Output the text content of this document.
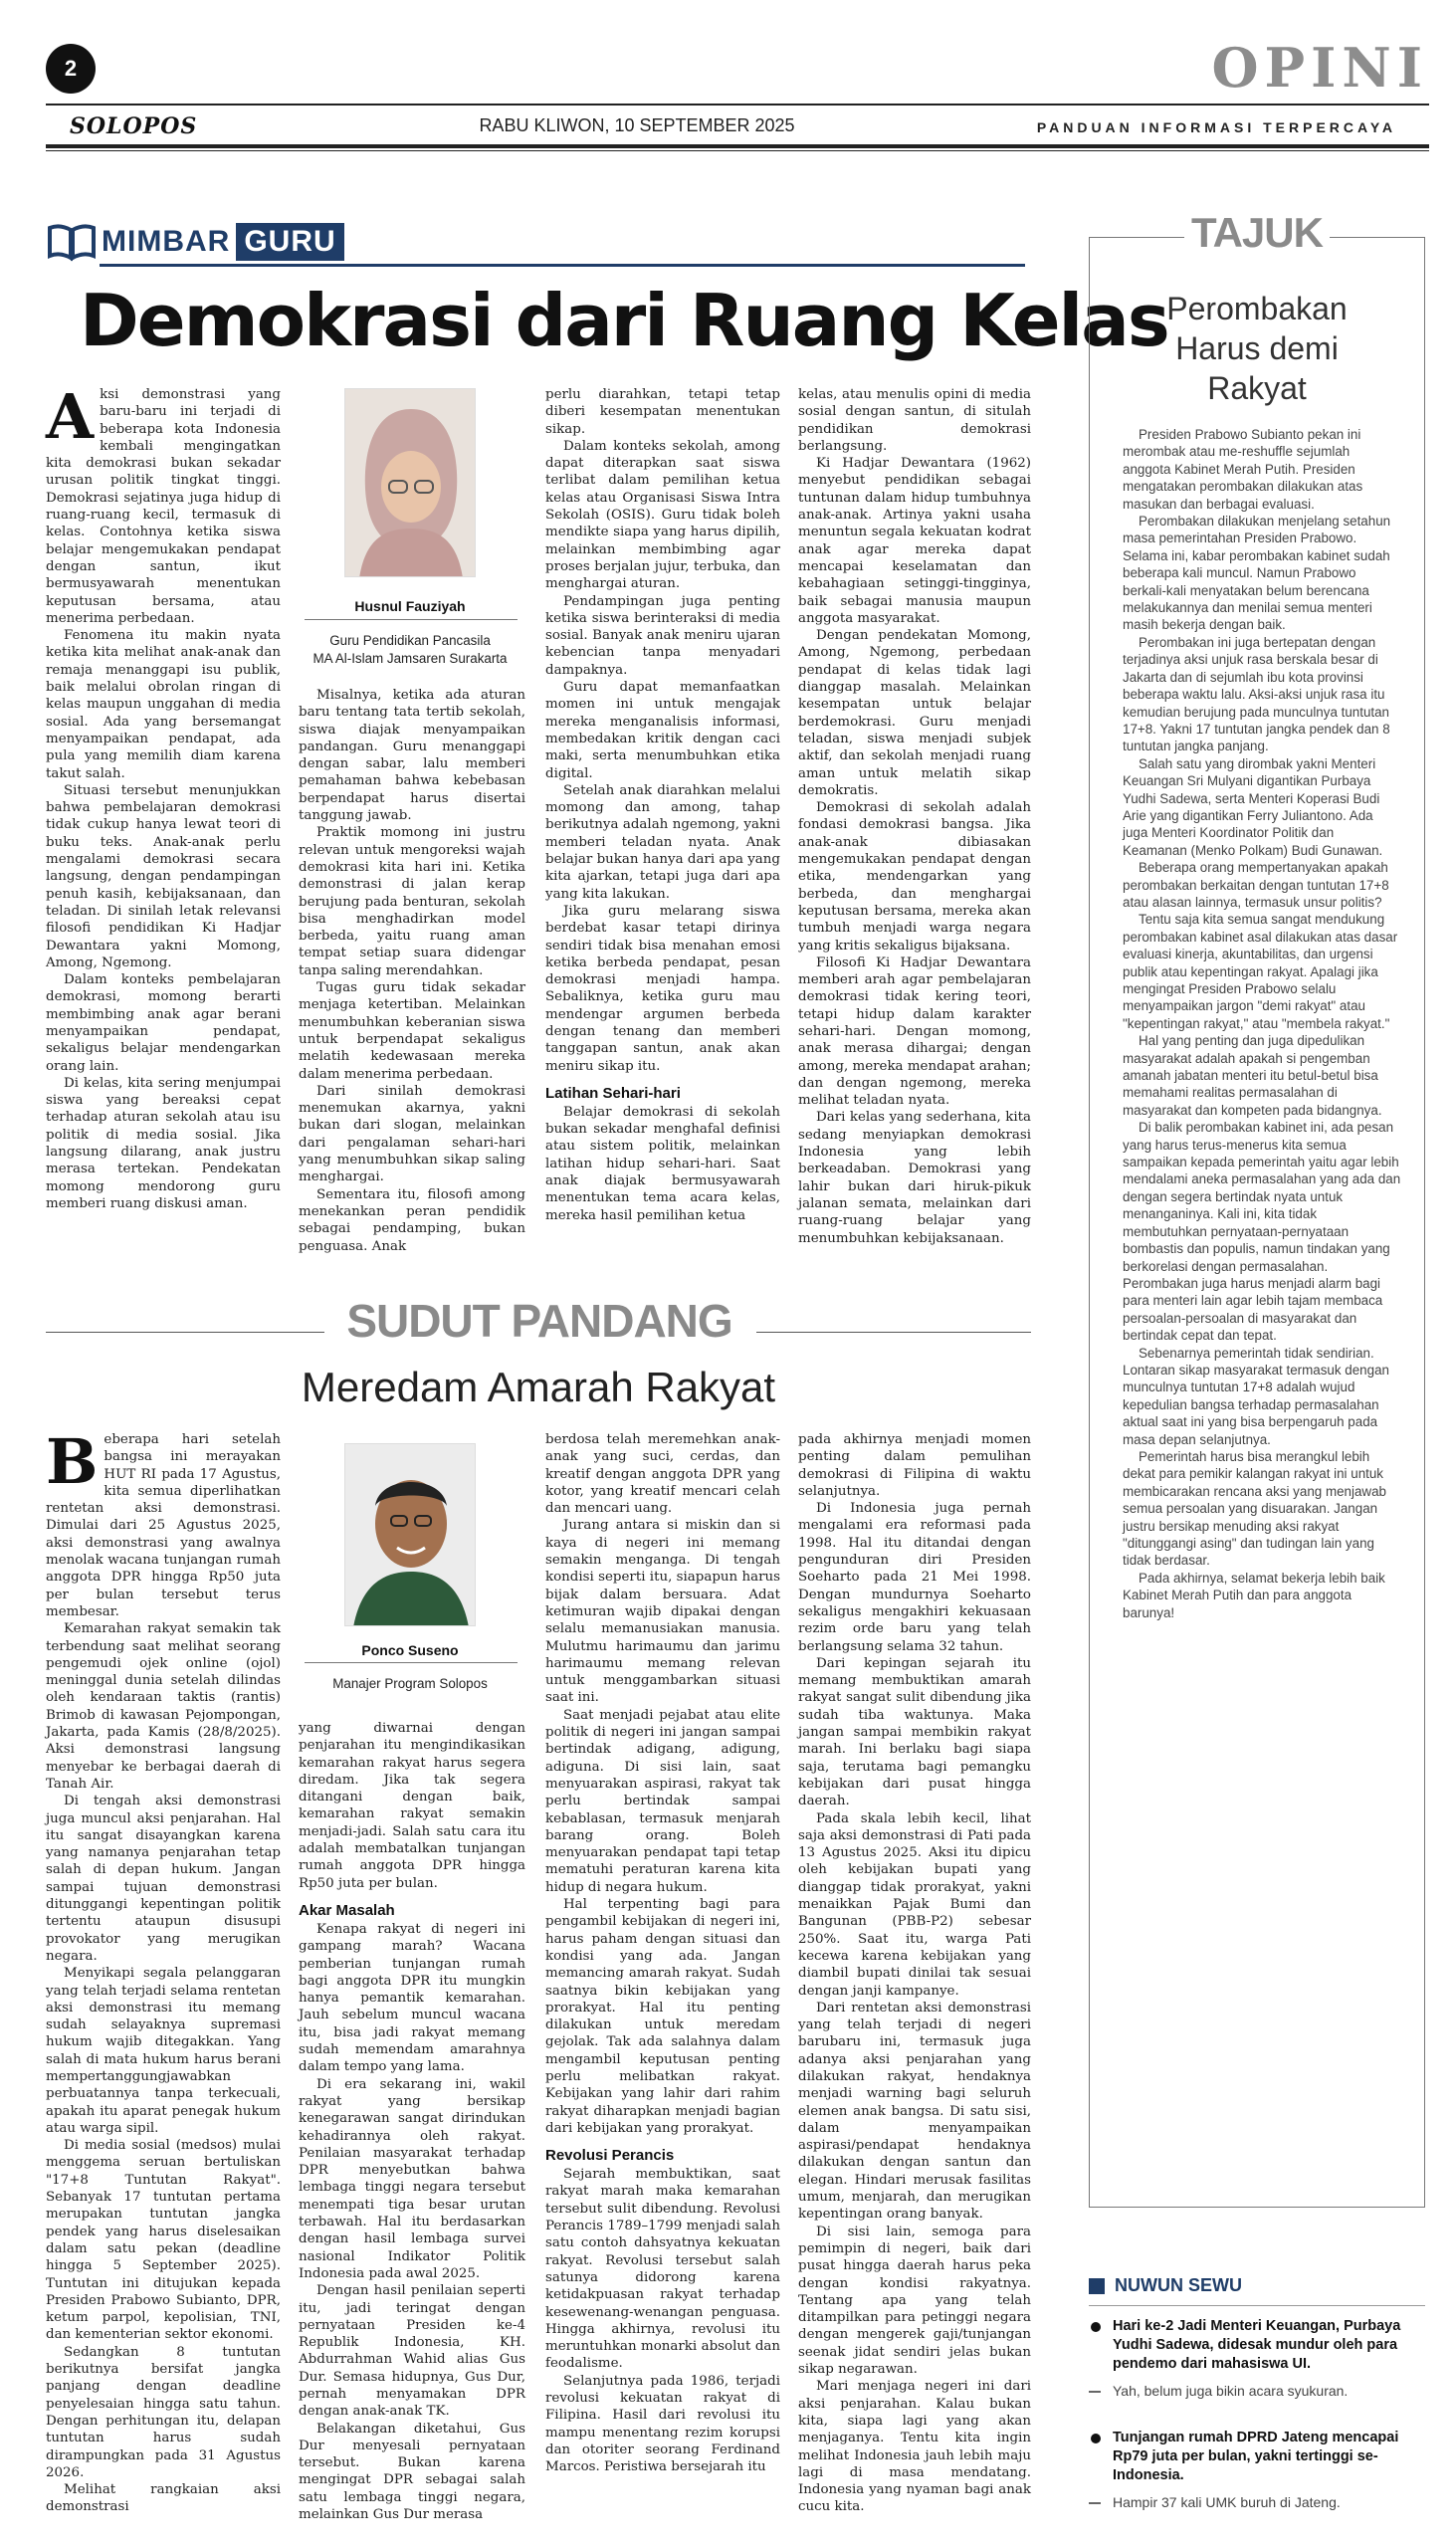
2	OPINI
SOLOPOS	RABU KLIWON, 10 SEPTEMBER 2025	PANDUAN INFORMASI TERPERCAYA
MIMBAR GURU
Demokrasi dari Ruang Kelas
A ksi demonstrasi yang baru-baru ini terjadi di beberapa kota Indonesia kembali mengingatkan kita demokrasi bukan sekadar urusan politik tingkat tinggi. Demokrasi sejatinya juga hidup di ruang-ruang kecil, termasuk di kelas. Contohnya ketika siswa belajar mengemukakan pendapat dengan santun, ikut bermusyawarah menentukan keputusan bersama, atau menerima perbedaan.

Fenomena itu makin nyata ketika kita melihat anak-anak dan remaja menanggapi isu publik, baik melalui obrolan ringan di kelas maupun unggahan di media sosial. Ada yang bersemangat menyampaikan pendapat, ada pula yang memilih diam karena takut salah.

Situasi tersebut menunjukkan bahwa pembelajaran demokrasi tidak cukup hanya lewat teori di buku teks. Anak-anak perlu mengalami demokrasi secara langsung, dengan pendampingan penuh kasih, kebijaksanaan, dan teladan. Di sinilah letak relevansi filosofi pendidikan Ki Hadjar Dewantara yakni Momong, Among, Ngemong.

Dalam konteks pembelajaran demokrasi, momong berarti membimbing anak agar berani menyampaikan pendapat, sekaligus belajar mendengarkan orang lain.

Di kelas, kita sering menjumpai siswa yang bereaksi cepat terhadap aturan sekolah atau isu politik di media sosial. Jika langsung dilarang, anak justru merasa tertekan. Pendekatan momong mendorong guru memberi ruang diskusi aman.

Husnul Fauziyah
Guru Pendidikan Pancasila
MA Al-Islam Jamsaren Surakarta

Misalnya, ketika ada aturan baru tentang tata tertib sekolah, siswa diajak menyampaikan pandangan. Guru menanggapi dengan sabar, lalu memberi pemahaman bahwa kebebasan berpendapat harus disertai tanggung jawab.

Praktik momong ini justru relevan untuk mengoreksi wajah demokrasi kita hari ini. Ketika demonstrasi di jalan kerap berujung pada benturan, sekolah bisa menghadirkan model berbeda, yaitu ruang aman tempat setiap suara didengar tanpa saling merendahkan.

Tugas guru tidak sekadar menjaga ketertiban. Melainkan menumbuhkan keberanian siswa untuk berpendapat sekaligus melatih kedewasaan mereka dalam menerima perbedaan.

Dari sinilah demokrasi menemukan akarnya, yakni bukan dari slogan, melainkan dari pengalaman sehari-hari yang menumbuhkan sikap saling menghargai.

Sementara itu, filosofi among menekankan peran pendidik sebagai pendamping, bukan penguasa. Anak

perlu diarahkan, tetapi tetap diberi kesempatan menentukan sikap.

Dalam konteks sekolah, among dapat diterapkan saat siswa terlibat dalam pemilihan ketua kelas atau Organisasi Siswa Intra Sekolah (OSIS). Guru tidak boleh mendikte siapa yang harus dipilih, melainkan membimbing agar proses berjalan jujur, terbuka, dan menghargai aturan.

Pendampingan juga penting ketika siswa berinteraksi di media sosial. Banyak anak meniru ujaran kebencian tanpa menyadari dampaknya.

Guru dapat memanfaatkan momen ini untuk mengajak mereka menganalisis informasi, membedakan kritik dengan caci maki, serta menumbuhkan etika digital.

Setelah anak diarahkan melalui momong dan among, tahap berikutnya adalah ngemong, yakni memberi teladan nyata. Anak belajar bukan hanya dari apa yang kita ajarkan, tetapi juga dari apa yang kita lakukan.

Jika guru melarang siswa berdebat kasar tetapi dirinya sendiri tidak bisa menahan emosi ketika berbeda pendapat, pesan demokrasi menjadi hampa. Sebaliknya, ketika guru mau mendengar argumen berbeda dengan tenang dan memberi tanggapan santun, anak akan meniru sikap itu.

Latihan Sehari-hari

Belajar demokrasi di sekolah bukan sekadar menghafal definisi atau sistem politik, melainkan latihan hidup sehari-hari. Saat anak diajak bermusyawarah menentukan tema acara kelas, mereka hasil pemilihan ketua

kelas, atau menulis opini di media sosial dengan santun, di situlah pendidikan demokrasi berlangsung.

Ki Hadjar Dewantara (1962) menyebut pendidikan sebagai tuntunan dalam hidup tumbuhnya anak-anak. Artinya yakni usaha menuntun segala kekuatan kodrat anak agar mereka dapat mencapai keselamatan dan kebahagiaan setinggi-tingginya, baik sebagai manusia maupun anggota masyarakat.

Dengan pendekatan Momong, Among, Ngemong, perbedaan pendapat di kelas tidak lagi dianggap masalah. Melainkan kesempatan untuk belajar berdemokrasi. Guru menjadi teladan, siswa menjadi subjek aktif, dan sekolah menjadi ruang aman untuk melatih sikap demokratis.

Demokrasi di sekolah adalah fondasi demokrasi bangsa. Jika anak-anak dibiasakan mengemukakan pendapat dengan etika, mendengarkan yang berbeda, dan menghargai keputusan bersama, mereka akan tumbuh menjadi warga negara yang kritis sekaligus bijaksana.

Filosofi Ki Hadjar Dewantara memberi arah agar pembelajaran demokrasi tidak kering teori, tetapi hidup dalam karakter sehari-hari. Dengan momong, anak merasa dihargai; dengan among, mereka mendapat arahan; dan dengan ngemong, mereka melihat teladan nyata.

Dari kelas yang sederhana, kita sedang menyiapkan demokrasi Indonesia yang lebih berkeadaban. Demokrasi yang lahir bukan dari hiruk-pikuk jalanan semata, melainkan dari ruang-ruang belajar yang menumbuhkan kebijaksanaan.

SUDUT PANDANG
Meredam Amarah Rakyat
B eberapa hari setelah bangsa ini merayakan HUT RI pada 17 Agustus, kita semua diperlihatkan rentetan aksi demonstrasi. Dimulai dari 25 Agustus 2025, aksi demonstrasi yang awalnya menolak wacana tunjangan rumah anggota DPR hingga Rp50 juta per bulan tersebut terus membesar.

Kemarahan rakyat semakin tak terbendung saat melihat seorang pengemudi ojek online (ojol) meninggal dunia setelah dilindas oleh kendaraan taktis (rantis) Brimob di kawasan Pejompongan, Jakarta, pada Kamis (28/8/2025). Aksi demonstrasi langsung menyebar ke berbagai daerah di Tanah Air.

Di tengah aksi demonstrasi juga muncul aksi penjarahan. Hal itu sangat disayangkan karena yang namanya penjarahan tetap salah di depan hukum. Jangan sampai tujuan demonstrasi ditunggangi kepentingan politik tertentu ataupun disusupi provokator yang merugikan negara.

Menyikapi segala pelanggaran yang telah terjadi selama rentetan aksi demonstrasi itu memang sudah selayaknya supremasi hukum wajib ditegakkan. Yang salah di mata hukum harus berani mempertanggungjawabkan perbuatannya tanpa terkecuali, apakah itu aparat penegak hukum atau warga sipil.

Di media sosial (medsos) mulai menggema seruan bertuliskan "17+8 Tuntutan Rakyat". Sebanyak 17 tuntutan pertama merupakan tuntutan jangka pendek yang harus diselesaikan dalam satu pekan (deadline hingga 5 September 2025). Tuntutan ini ditujukan kepada Presiden Prabowo Subianto, DPR, ketum parpol, kepolisian, TNI, dan kementerian sektor ekonomi.

Sedangkan 8 tuntutan berikutnya bersifat jangka panjang dengan deadline penyelesaian hingga satu tahun. Dengan perhitungan itu, delapan tuntutan harus sudah dirampungkan pada 31 Agustus 2026.

Melihat rangkaian aksi demonstrasi

Ponco Suseno
Manajer Program Solopos

yang diwarnai dengan penjarahan itu mengindikasikan kemarahan rakyat harus segera diredam. Jika tak segera ditangani dengan baik, kemarahan rakyat semakin menjadi-jadi. Salah satu cara itu adalah membatalkan tunjangan rumah anggota DPR hingga Rp50 juta per bulan.

Akar Masalah

Kenapa rakyat di negeri ini gampang marah? Wacana pemberian tunjangan rumah bagi anggota DPR itu mungkin hanya pemantik kemarahan. Jauh sebelum muncul wacana itu, bisa jadi rakyat memang sudah memendam amarahnya dalam tempo yang lama.

Di era sekarang ini, wakil rakyat yang bersikap kenegarawan sangat dirindukan kehadirannya oleh rakyat. Penilaian masyarakat terhadap DPR menyebutkan bahwa lembaga tinggi negara tersebut menempati tiga besar urutan terbawah. Hal itu berdasarkan dengan hasil lembaga survei nasional Indikator Politik Indonesia pada awal 2025.

Dengan hasil penilaian seperti itu, jadi teringat dengan pernyataan Presiden ke-4 Republik Indonesia, KH. Abdurrahman Wahid alias Gus Dur. Semasa hidupnya, Gus Dur, pernah menyamakan DPR dengan anak-anak TK.

Belakangan diketahui, Gus Dur menyesali pernyataan tersebut. Bukan karena mengingat DPR sebagai salah satu lembaga tinggi negara, melainkan Gus Dur merasa

berdosa telah meremehkan anak-anak yang suci, cerdas, dan kreatif dengan anggota DPR yang kotor, yang kreatif mencari celah dan mencari uang.

Jurang antara si miskin dan si kaya di negeri ini memang semakin menganga. Di tengah kondisi seperti itu, siapapun harus bijak dalam bersuara. Adat ketimuran wajib dipakai dengan selalu memanusiakan manusia. Mulutmu harimaumu dan jarimu harimaumu memang relevan untuk menggambarkan situasi saat ini.

Saat menjadi pejabat atau elite politik di negeri ini jangan sampai bertindak adigang, adigung, adiguna. Di sisi lain, saat menyuarakan aspirasi, rakyat tak perlu bertindak sampai kebablasan, termasuk menjarah barang orang. Boleh menyuarakan pendapat tapi tetap mematuhi peraturan karena kita hidup di negara hukum.

Hal terpenting bagi para pengambil kebijakan di negeri ini, harus paham dengan situasi dan kondisi yang ada. Jangan memancing amarah rakyat. Sudah saatnya bikin kebijakan yang prorakyat. Hal itu penting dilakukan untuk meredam gejolak. Tak ada salahnya dalam mengambil keputusan penting perlu melibatkan rakyat. Kebijakan yang lahir dari rahim rakyat diharapkan menjadi bagian dari kebijakan yang prorakyat.

Revolusi Perancis

Sejarah membuktikan, saat rakyat marah maka kemarahan tersebut sulit dibendung. Revolusi Perancis 1789–1799 menjadi salah satu contoh dahsyatnya kekuatan rakyat. Revolusi tersebut salah satunya didorong karena ketidakpuasan rakyat terhadap kesewenang-wenangan penguasa. Hingga akhirnya, revolusi itu meruntuhkan monarki absolut dan feodalisme.

Selanjutnya pada 1986, terjadi revolusi kekuatan rakyat di Filipina. Hasil dari revolusi itu mampu menentang rezim korupsi dan otoriter seorang Ferdinand Marcos. Peristiwa bersejarah itu

pada akhirnya menjadi momen penting dalam pemulihan demokrasi di Filipina di waktu selanjutnya.

Di Indonesia juga pernah mengalami era reformasi pada 1998. Hal itu ditandai dengan pengunduran diri Presiden Soeharto pada 21 Mei 1998. Dengan mundurnya Soeharto sekaligus mengakhiri kekuasaan rezim orde baru yang telah berlangsung selama 32 tahun.

Dari kepingan sejarah itu memang membuktikan amarah rakyat sangat sulit dibendung jika sudah tiba waktunya. Maka jangan sampai membikin rakyat marah. Ini berlaku bagi siapa saja, terutama bagi pemangku kebijakan dari pusat hingga daerah.

Pada skala lebih kecil, lihat saja aksi demonstrasi di Pati pada 13 Agustus 2025. Aksi itu dipicu oleh kebijakan bupati yang dianggap tidak prorakyat, yakni menaikkan Pajak Bumi dan Bangunan (PBB-P2) sebesar 250%. Saat itu, warga Pati kecewa karena kebijakan yang diambil bupati dinilai tak sesuai dengan janji kampanye.

Dari rentetan aksi demonstrasi yang telah terjadi di negeri barubaru ini, termasuk juga adanya aksi penjarahan yang dilakukan rakyat, hendaknya menjadi warning bagi seluruh elemen anak bangsa. Di satu sisi, dalam menyampaikan aspirasi/pendapat hendaknya dilakukan dengan santun dan elegan. Hindari merusak fasilitas umum, menjarah, dan merugikan kepentingan orang banyak.

Di sisi lain, semoga para pemimpin di negeri, baik dari pusat hingga daerah harus peka dengan kondisi rakyatnya. Tentang apa yang telah ditampilkan para petinggi negara dengan mengerek gaji/tunjangan seenak jidat sendiri jelas bukan sikap negarawan.

Mari menjaga negeri ini dari aksi penjarahan. Kalau bukan kita, siapa lagi yang akan menjaganya. Tentu kita ingin melihat Indonesia jauh lebih maju lagi di masa mendatang. Indonesia yang nyaman bagi anak cucu kita.

TAJUK
Perombakan
Harus demi
Rakyat

Presiden Prabowo Subianto pekan ini merombak atau me-reshuffle sejumlah anggota Kabinet Merah Putih. Presiden mengatakan perombakan dilakukan atas masukan dan berbagai evaluasi.

Perombakan dilakukan menjelang setahun masa pemerintahan Presiden Prabowo. Selama ini, kabar perombakan kabinet sudah beberapa kali muncul. Namun Prabowo berkali-kali menyatakan belum berencana melakukannya dan menilai semua menteri masih bekerja dengan baik.

Perombakan ini juga bertepatan dengan terjadinya aksi unjuk rasa berskala besar di Jakarta dan di sejumlah ibu kota provinsi beberapa waktu lalu. Aksi-aksi unjuk rasa itu kemudian berujung pada munculnya tuntutan 17+8. Yakni 17 tuntutan jangka pendek dan 8 tuntutan jangka panjang.

Salah satu yang dirombak yakni Menteri Keuangan Sri Mulyani digantikan Purbaya Yudhi Sadewa, serta Menteri Koperasi Budi Arie yang digantikan Ferry Juliantono. Ada juga Menteri Koordinator Politik dan Keamanan (Menko Polkam) Budi Gunawan.

Beberapa orang mempertanyakan apakah perombakan berkaitan dengan tuntutan 17+8 atau alasan lainnya, termasuk unsur politis?

Tentu saja kita semua sangat mendukung perombakan kabinet asal dilakukan atas dasar evaluasi kinerja, akuntabilitas, dan urgensi publik atau kepentingan rakyat. Apalagi jika mengingat Presiden Prabowo selalu menyampaikan jargon "demi rakyat" atau "kepentingan rakyat," atau "membela rakyat."

Hal yang penting dan juga dipedulikan masyarakat adalah apakah si pengemban amanah jabatan menteri itu betul-betul bisa memahami realitas permasalahan di masyarakat dan kompeten pada bidangnya.

Di balik perombakan kabinet ini, ada pesan yang harus terus-menerus kita semua sampaikan kepada pemerintah yaitu agar lebih mendalami aneka permasalahan yang ada dan dengan segera bertindak nyata untuk menanganinya. Kali ini, kita tidak membutuhkan pernyataan-pernyataan bombastis dan populis, namun tindakan yang berkorelasi dengan permasalahan. Perombakan juga harus menjadi alarm bagi para menteri lain agar lebih tajam membaca persoalan-persoalan di masyarakat dan bertindak cepat dan tepat.

Sebenarnya pemerintah tidak sendirian. Lontaran sikap masyarakat termasuk dengan munculnya tuntutan 17+8 adalah wujud kepedulian bangsa terhadap permasalahan aktual saat ini yang bisa berpengaruh pada masa depan selanjutnya.

Pemerintah harus bisa merangkul lebih dekat para pemikir kalangan rakyat ini untuk membicarakan rencana aksi yang menjawab semua persoalan yang disuarakan. Jangan justru bersikap menuding aksi rakyat "ditunggangi asing" dan tudingan lain yang tidak berdasar.

Pada akhirnya, selamat bekerja lebih baik Kabinet Merah Putih dan para anggota barunya!

NUWUN SEWU
Hari ke-2 Jadi Menteri Keuangan, Purbaya Yudhi Sadewa, didesak mundur oleh para pendemo dari mahasiswa UI.
Yah, belum juga bikin acara syukuran.
Tunjangan rumah DPRD Jateng mencapai Rp79 juta per bulan, yakni tertinggi se-Indonesia.
Hampir 37 kali UMK buruh di Jateng.
